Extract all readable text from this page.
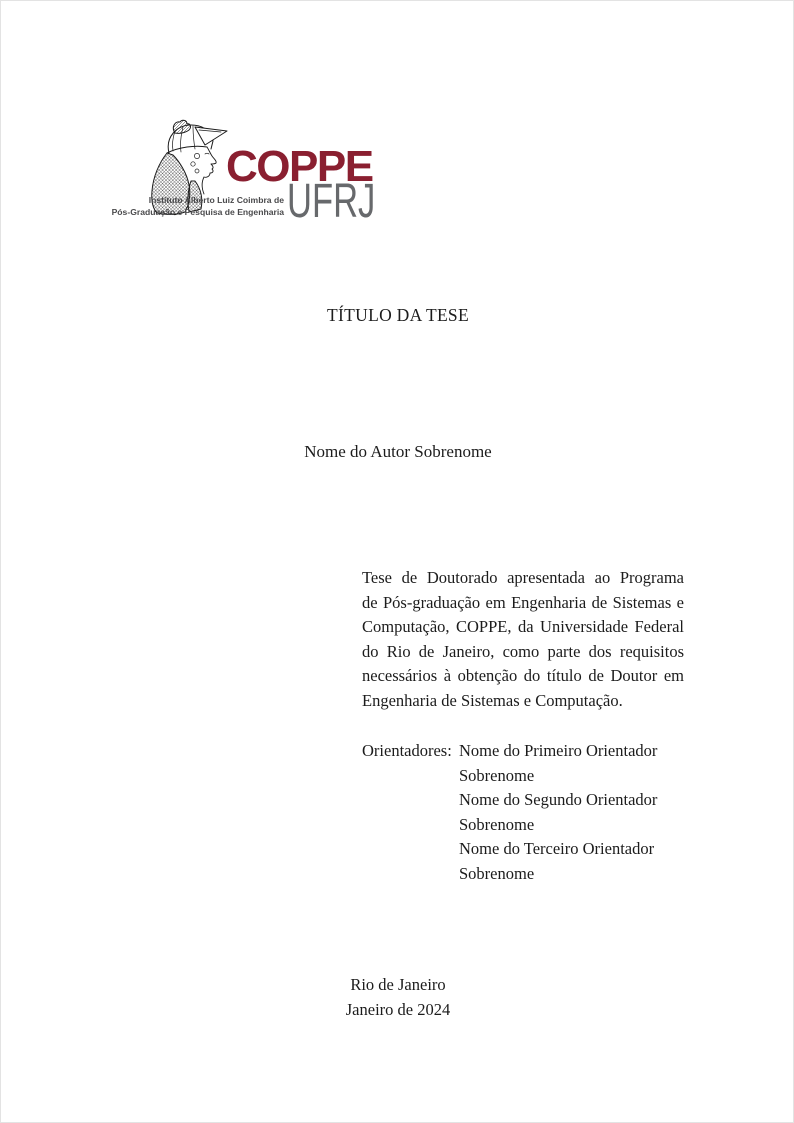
COPPE
UFRJ
Instituto Alberto Luiz Coimbra de
Pós-Graduação e Pesquisa de Engenharia
TÍTULO DA TESE
Nome do Autor Sobrenome
Tese de Doutorado apresentada ao Programa
de Pós-graduação em Engenharia de Sistemas e
Computação, COPPE, da Universidade Federal
do Rio de Janeiro, como parte dos requisitos
necessários à obtenção do título de Doutor em
Engenharia de Sistemas e Computação.
Orientadores: Nome do Primeiro Orientador
Sobrenome
Nome do Segundo Orientador
Sobrenome
Nome do Terceiro Orientador
Sobrenome
Rio de Janeiro
Janeiro de 2024
